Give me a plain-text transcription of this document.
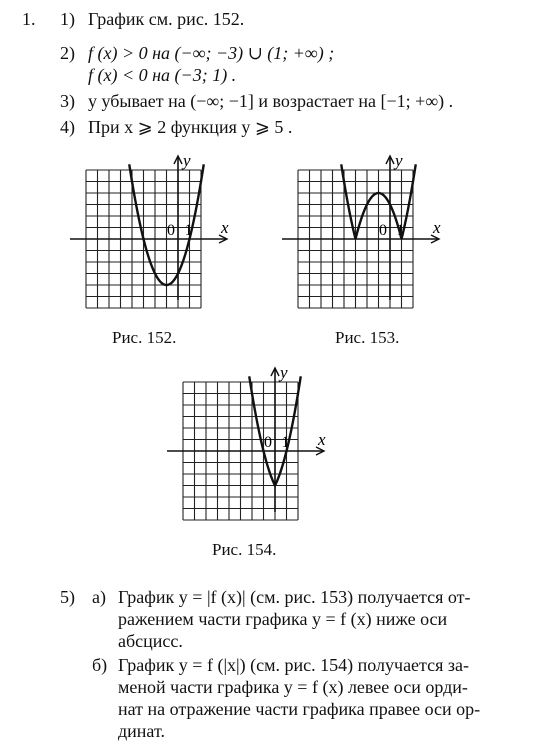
1. 1) График см. рис. 152.
2) f (x) > 0 на (−∞; −3) ∪ (1; +∞) ;
f (x) < 0 на (−3; 1) .
3) y убывает на (−∞; −1] и возрастает на [−1; +∞) .
4) При x ⩾ 2 функция y ⩾ 5 .
x
y
0 1
Рис. 152.
x
y
0 1
Рис. 153.
x
y
0 1
Рис. 154.
5) а) График y = |f (x)| (см. рис. 153) получается от-
ражением части графика y = f (x) ниже оси
абсцисс.
б) График y = f (|x|) (см. рис. 154) получается за-
меной части графика y = f (x) левее оси орди-
нат на отражение части графика правее оси ор-
динат.
